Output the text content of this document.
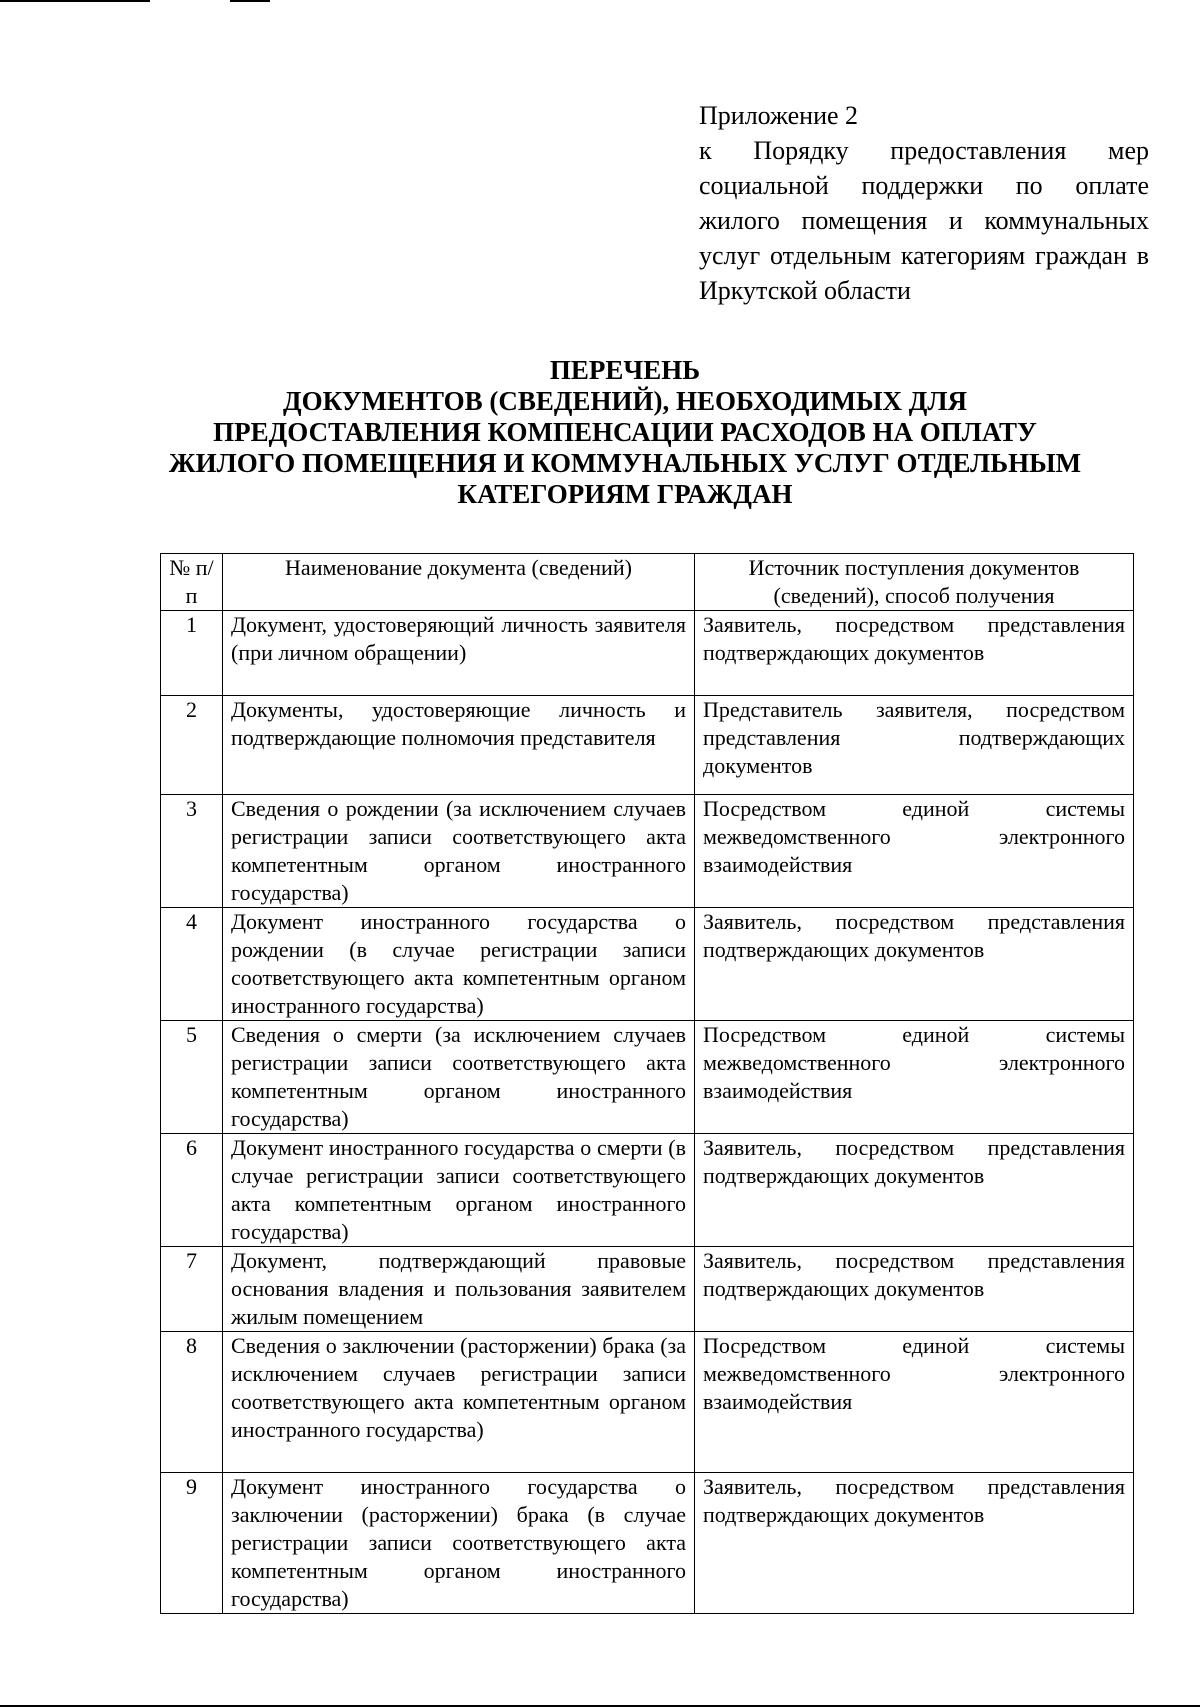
Приложение 2
к Порядку предоставления мер социальной поддержки по оплате жилого помещения и коммунальных услуг отдельным категориям граждан в Иркутской области
ПЕРЕЧЕНЬ
ДОКУМЕНТОВ (СВЕДЕНИЙ), НЕОБХОДИМЫХ ДЛЯ
ПРЕДОСТАВЛЕНИЯ КОМПЕНСАЦИИ РАСХОДОВ НА ОПЛАТУ
ЖИЛОГО ПОМЕЩЕНИЯ И КОММУНАЛЬНЫХ УСЛУГ ОТДЕЛЬНЫМ
КАТЕГОРИЯМ ГРАЖДАН
№ п/п	Наименование документа (сведений)	Источник поступления документов (сведений), способ получения
1	Документ, удостоверяющий личность заявителя (при личном обращении)	Заявитель, посредством представления подтверждающих документов
2	Документы, удостоверяющие личность и подтверждающие полномочия представителя	Представитель заявителя, посредством представления подтверждающих документов
3	Сведения о рождении (за исключением случаев регистрации записи соответствующего акта компетентным органом иностранного государства)	Посредством единой системы межведомственного электронного взаимодействия
4	Документ иностранного государства о рождении (в случае регистрации записи соответствующего акта компетентным органом иностранного государства)	Заявитель, посредством представления подтверждающих документов
5	Сведения о смерти (за исключением случаев регистрации записи соответствующего акта компетентным органом иностранного государства)	Посредством единой системы межведомственного электронного взаимодействия
6	Документ иностранного государства о смерти (в случае регистрации записи соответствующего акта компетентным органом иностранного государства)	Заявитель, посредством представления подтверждающих документов
7	Документ, подтверждающий правовые основания владения и пользования заявителем жилым помещением	Заявитель, посредством представления подтверждающих документов
8	Сведения о заключении (расторжении) брака (за исключением случаев регистрации записи соответствующего акта компетентным органом иностранного государства)	Посредством единой системы межведомственного электронного взаимодействия
9	Документ иностранного государства о заключении (расторжении) брака (в случае регистрации записи соответствующего акта компетентным органом иностранного государства)	Заявитель, посредством представления подтверждающих документов
